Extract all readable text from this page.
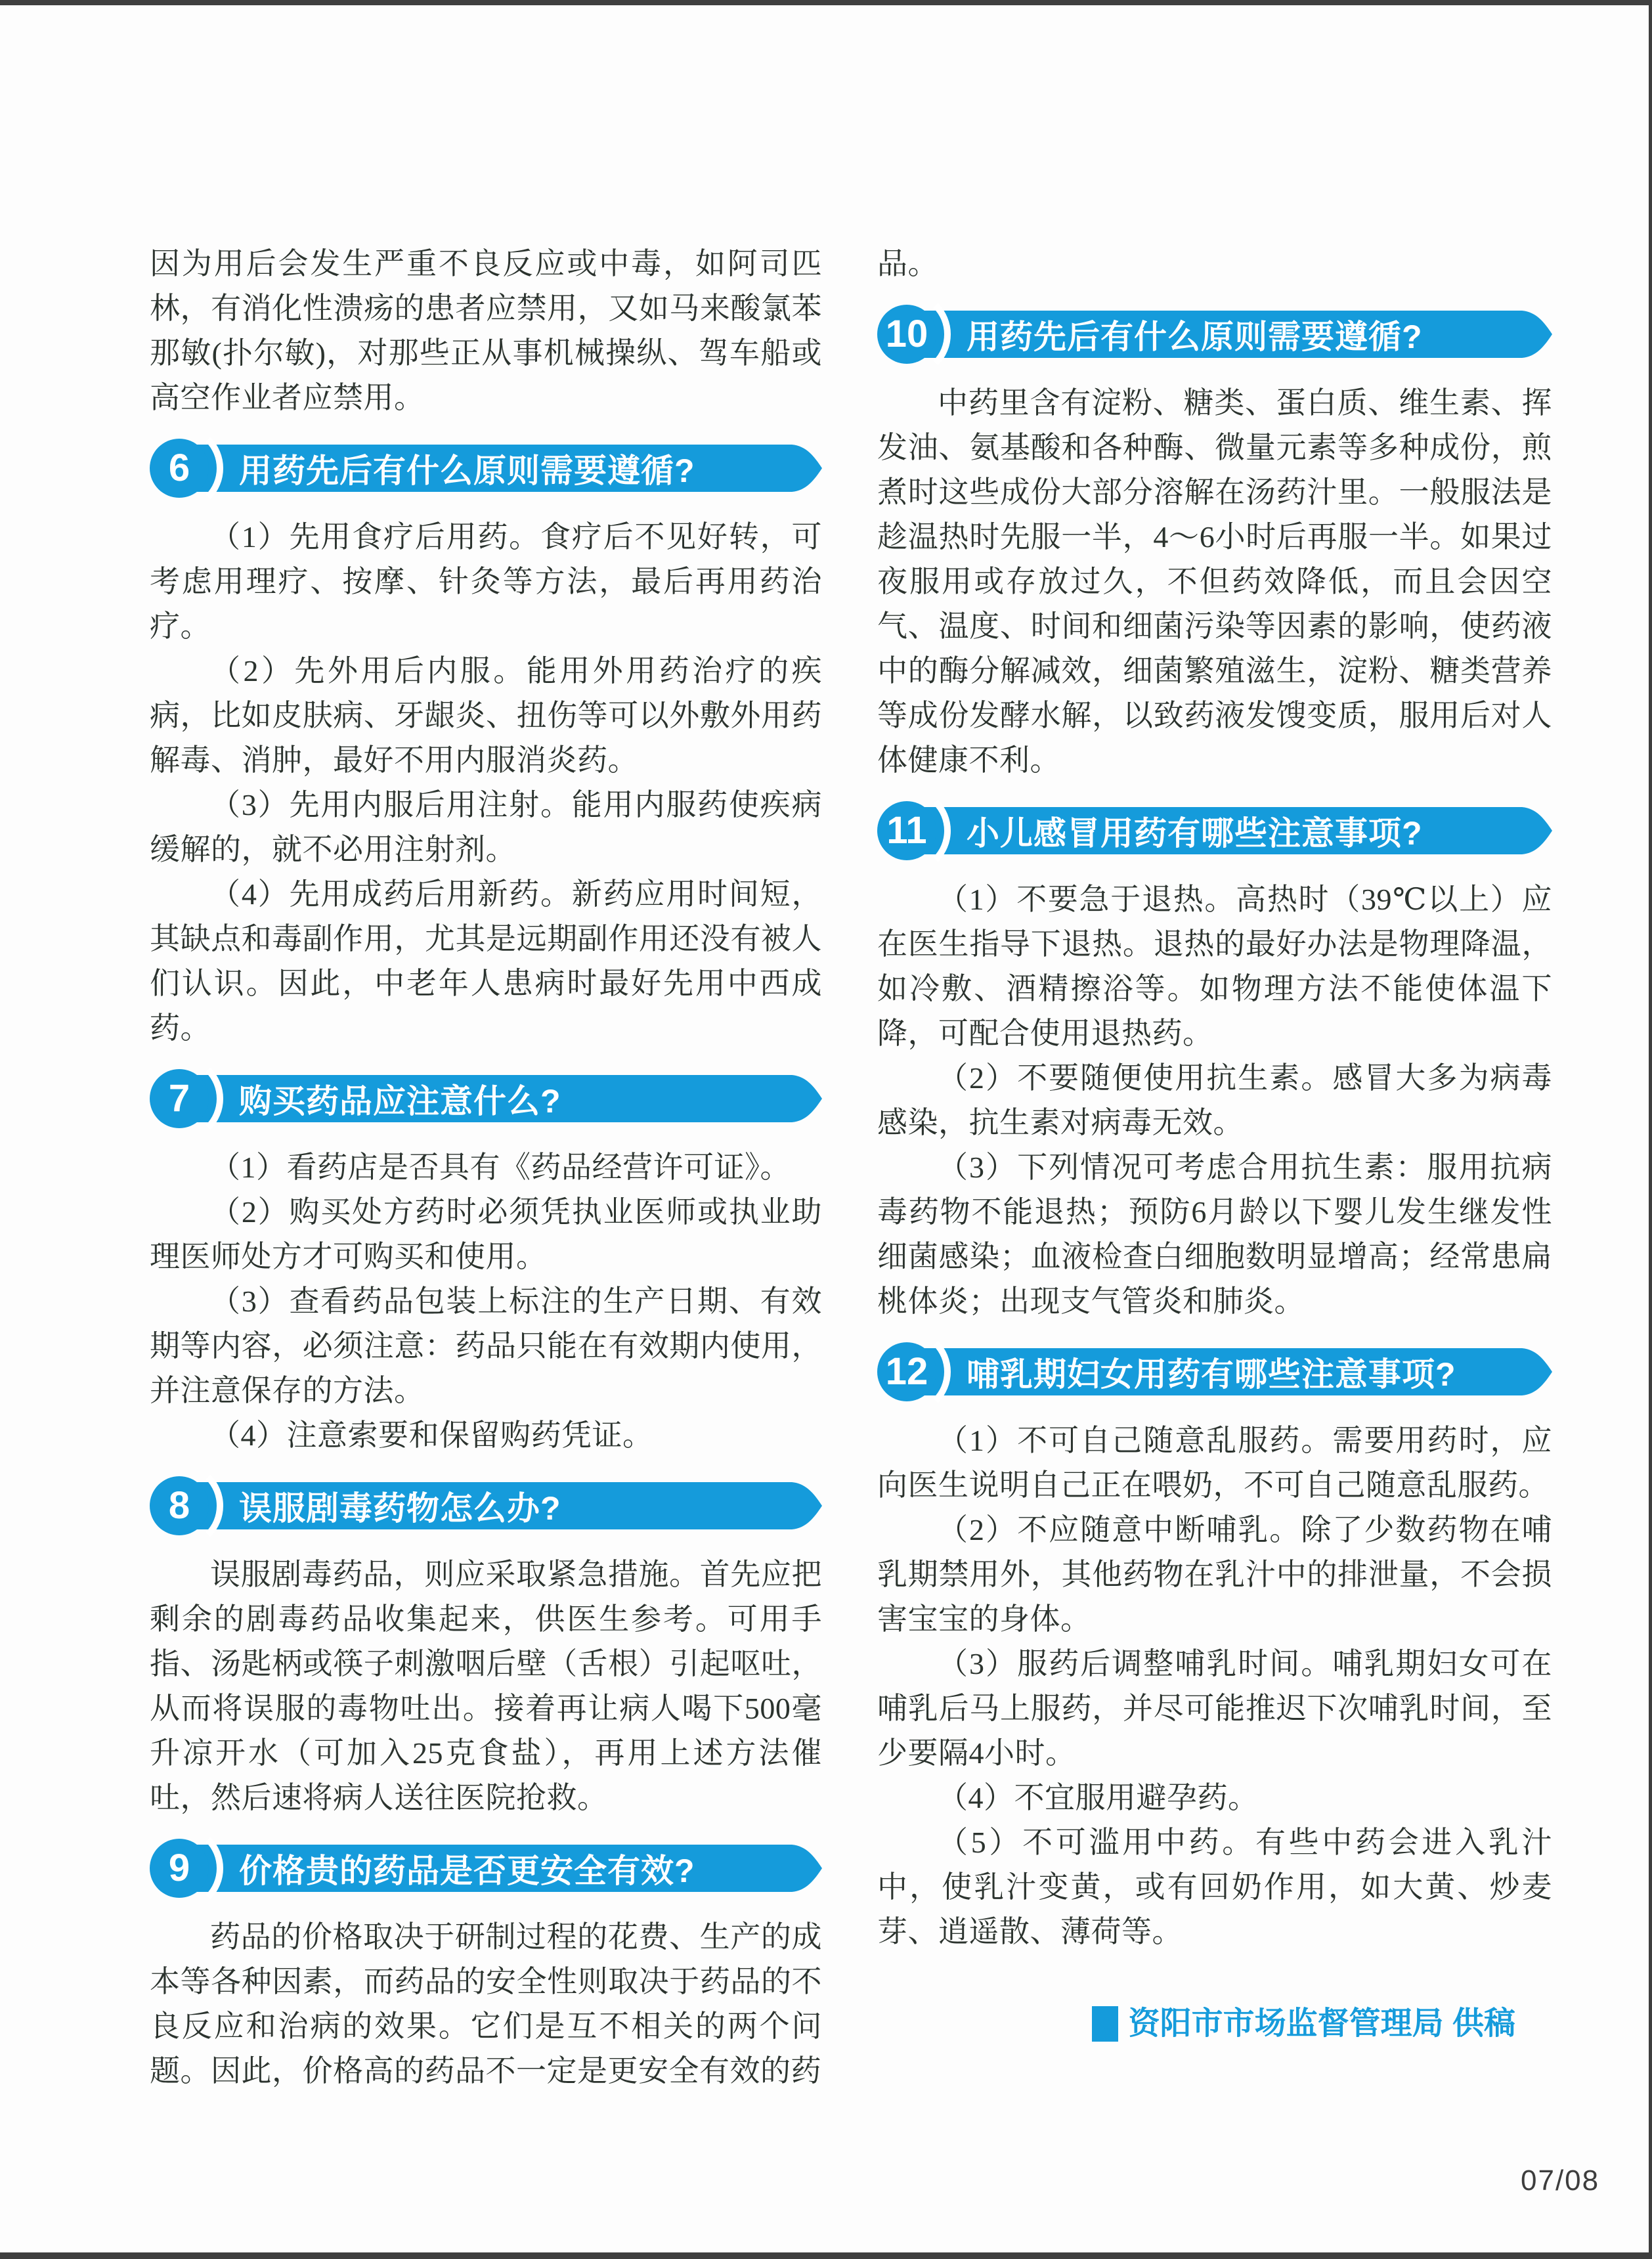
因为用后会发生严重不良反应或中毒，如阿司匹林，有消化性溃疡的患者应禁用，又如马来酸氯苯那敏(扑尔敏)，对那些正从事机械操纵、驾车船或高空作业者应禁用。

6	用药先后有什么原则需要遵循?

（1）先用食疗后用药。食疗后不见好转，可考虑用理疗、按摩、针灸等方法，最后再用药治疗。

（2）先外用后内服。能用外用药治疗的疾病，比如皮肤病、牙龈炎、扭伤等可以外敷外用药解毒、消肿，最好不用内服消炎药。

（3）先用内服后用注射。能用内服药使疾病缓解的，就不必用注射剂。

（4）先用成药后用新药。新药应用时间短，其缺点和毒副作用，尤其是远期副作用还没有被人们认识。因此，中老年人患病时最好先用中西成药。

7	购买药品应注意什么?

（1）看药店是否具有《药品经营许可证》。

（2）购买处方药时必须凭执业医师或执业助理医师处方才可购买和使用。

（3）查看药品包装上标注的生产日期、有效期等内容，必须注意：药品只能在有效期内使用，并注意保存的方法。

（4）注意索要和保留购药凭证。

8	误服剧毒药物怎么办?

误服剧毒药品，则应采取紧急措施。首先应把剩余的剧毒药品收集起来，供医生参考。可用手指、汤匙柄或筷子刺激咽后壁（舌根）引起呕吐，从而将误服的毒物吐出。接着再让病人喝下500毫升凉开水（可加入25克食盐），再用上述方法催吐，然后速将病人送往医院抢救。

9	价格贵的药品是否更安全有效?

药品的价格取决于研制过程的花费、生产的成本等各种因素，而药品的安全性则取决于药品的不良反应和治病的效果。它们是互不相关的两个问题。因此，价格高的药品不一定是更安全有效的药

品。

10 用药先后有什么原则需要遵循?

中药里含有淀粉、糖类、蛋白质、维生素、挥发油、氨基酸和各种酶、微量元素等多种成份，煎煮时这些成份大部分溶解在汤药汁里。一般服法是趁温热时先服一半，4～6小时后再服一半。如果过夜服用或存放过久，不但药效降低，而且会因空气、温度、时间和细菌污染等因素的影响，使药液中的酶分解减效，细菌繁殖滋生，淀粉、糖类营养等成份发酵水解，以致药液发馊变质，服用后对人体健康不利。

11 小儿感冒用药有哪些注意事项?

（1）不要急于退热。高热时（39℃以上）应在医生指导下退热。退热的最好办法是物理降温，如冷敷、酒精擦浴等。如物理方法不能使体温下降，可配合使用退热药。

（2）不要随便使用抗生素。感冒大多为病毒感染，抗生素对病毒无效。

（3）下列情况可考虑合用抗生素：服用抗病毒药物不能退热；预防6月龄以下婴儿发生继发性细菌感染；血液检查白细胞数明显增高；经常患扁桃体炎；出现支气管炎和肺炎。

12 哺乳期妇女用药有哪些注意事项?

（1）不可自己随意乱服药。需要用药时，应向医生说明自己正在喂奶，不可自己随意乱服药。

（2）不应随意中断哺乳。除了少数药物在哺乳期禁用外，其他药物在乳汁中的排泄量，不会损害宝宝的身体。

（3）服药后调整哺乳时间。哺乳期妇女可在哺乳后马上服药，并尽可能推迟下次哺乳时间，至少要隔4小时。

（4）不宜服用避孕药。

（5）不可滥用中药。有些中药会进入乳汁中，使乳汁变黄，或有回奶作用，如大黄、炒麦芽、逍遥散、薄荷等。

资阳市市场监督管理局 供稿
07/08
